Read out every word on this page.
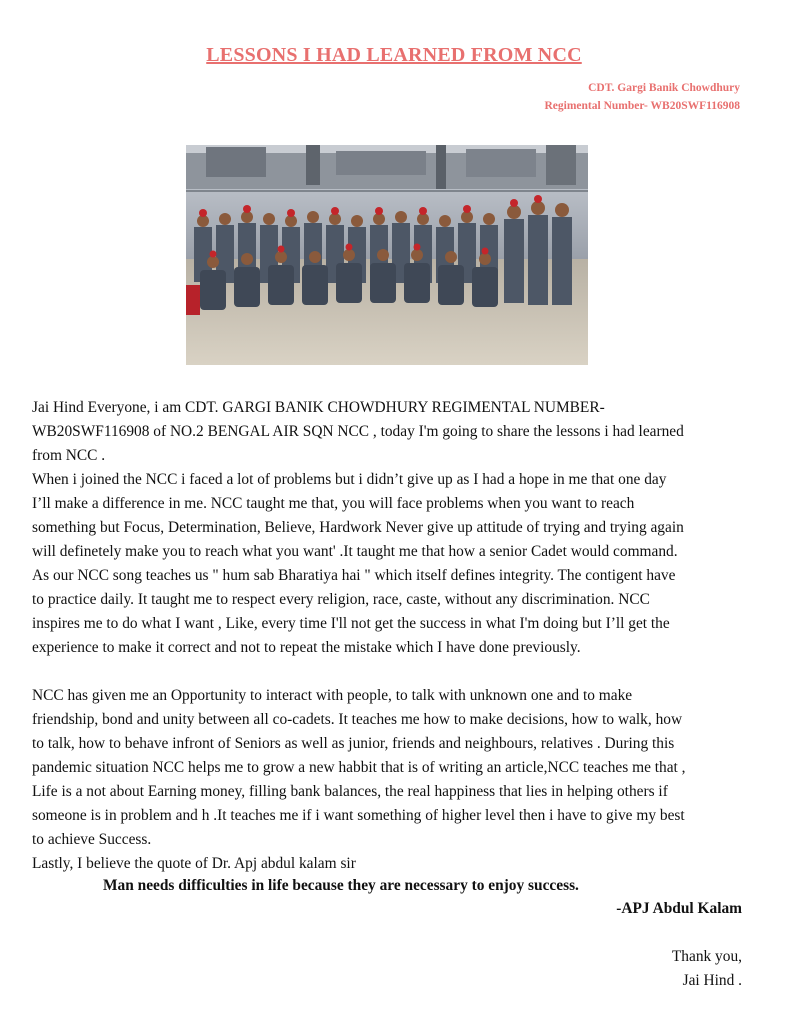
LESSONS I HAD LEARNED FROM NCC
CDT. Gargi Banik Chowdhury
Regimental Number- WB20SWF116908

Jai Hind Everyone, i am CDT. GARGI BANIK CHOWDHURY REGIMENTAL NUMBER-

WB20SWF116908 of NO.2 BENGAL AIR SQN NCC , today I'm going to share the lessons i had learned

from NCC .

When i joined the NCC i faced a lot of problems but i didn’t give up as I had a hope in me that one day

I’ll make a difference in me. NCC taught me that, you will face problems when you want to reach

something but Focus, Determination, Believe, Hardwork Never give up attitude of trying and trying again

will definetely make you to reach what you want' .It taught me that how a senior Cadet would command.

As our NCC song teaches us " hum sab Bharatiya hai " which itself defines integrity. The contigent have

to practice daily. It taught me to respect every religion, race, caste, without any discrimination. NCC

inspires me to do what I want , Like, every time I'll not get the success in what I'm doing but I’ll get the

experience to make it correct and not to repeat the mistake which I have done previously.

NCC has given me an Opportunity to interact with people, to talk with unknown one and to make

friendship, bond and unity between all co-cadets. It teaches me how to make decisions, how to walk, how

to talk, how to behave infront of Seniors as well as junior, friends and neighbours, relatives . During this

pandemic situation NCC helps me to grow a new habbit that is of writing an article,NCC teaches me that ,

Life is a not about Earning money, filling bank balances, the real happiness that lies in helping others if

someone is in problem and h .It teaches me if i want something of higher level then i have to give my best

to achieve Success.

Lastly, I believe the quote of Dr. Apj abdul kalam sir

Man needs difficulties in life because they are necessary to enjoy success.
-APJ Abdul Kalam
Thank you,
Jai Hind .
